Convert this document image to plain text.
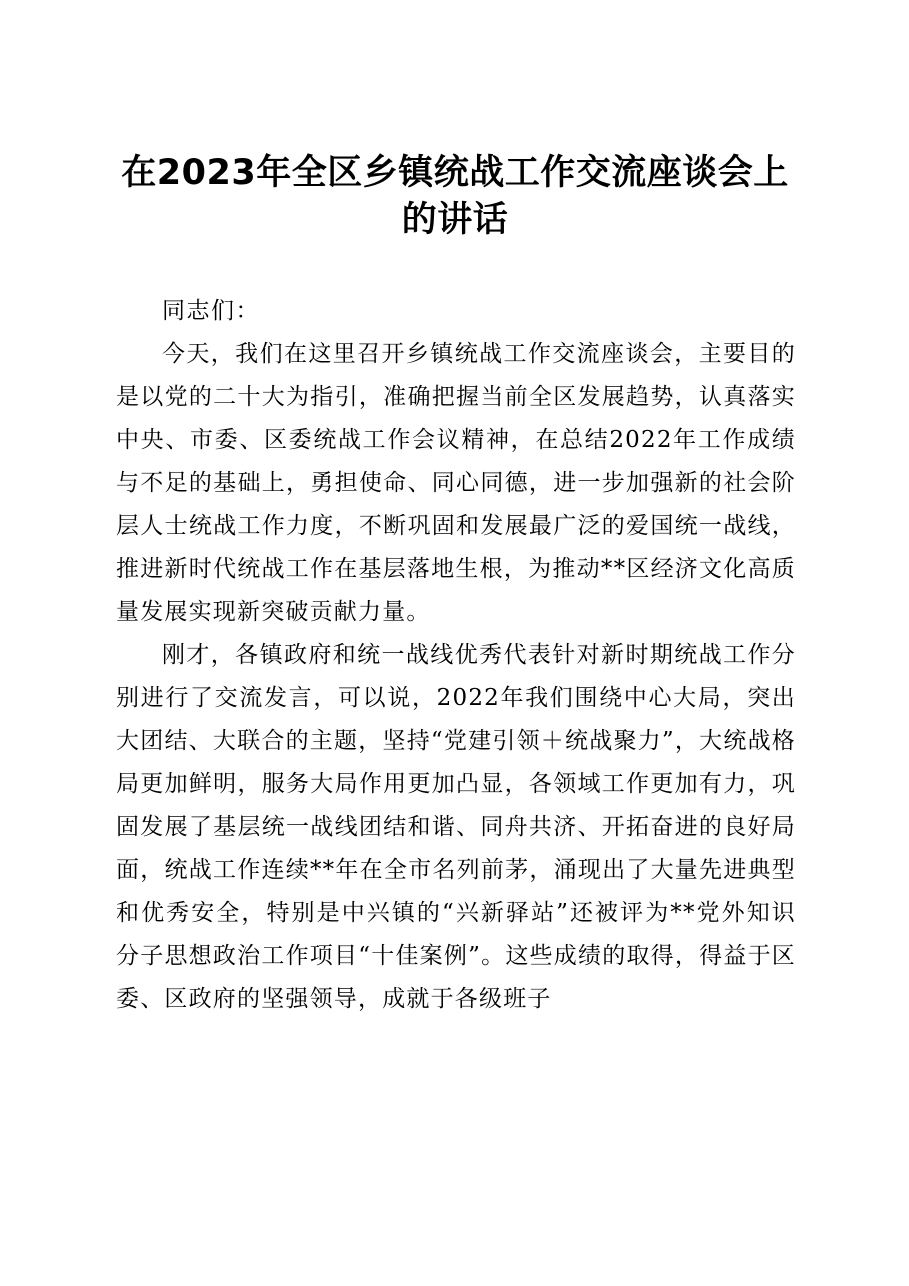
在2023年全区乡镇统战工作交流座谈会上的讲话

同志们：

今天，我们在这里召开乡镇统战工作交流座谈会，主要目的是以党的二十大为指引，准确把握当前全区发展趋势，认真落实中央、市委、区委统战工作会议精神，在总结2022年工作成绩与不足的基础上，勇担使命、同心同德，进一步加强新的社会阶层人士统战工作力度，不断巩固和发展最广泛的爱国统一战线，推进新时代统战工作在基层落地生根，为推动**区经济文化高质量发展实现新突破贡献力量。

刚才，各镇政府和统一战线优秀代表针对新时期统战工作分别进行了交流发言，可以说，2022年我们围绕中心大局，突出大团结、大联合的主题，坚持“党建引领＋统战聚力”，大统战格局更加鲜明，服务大局作用更加凸显，各领域工作更加有力，巩固发展了基层统一战线团结和谐、同舟共济、开拓奋进的良好局面，统战工作连续**年在全市名列前茅，涌现出了大量先进典型和优秀安全，特别是中兴镇的“兴新驿站”还被评为**党外知识分子思想政治工作项目“十佳案例”。这些成绩的取得，得益于区委、区政府的坚强领导，成就于各级班子
